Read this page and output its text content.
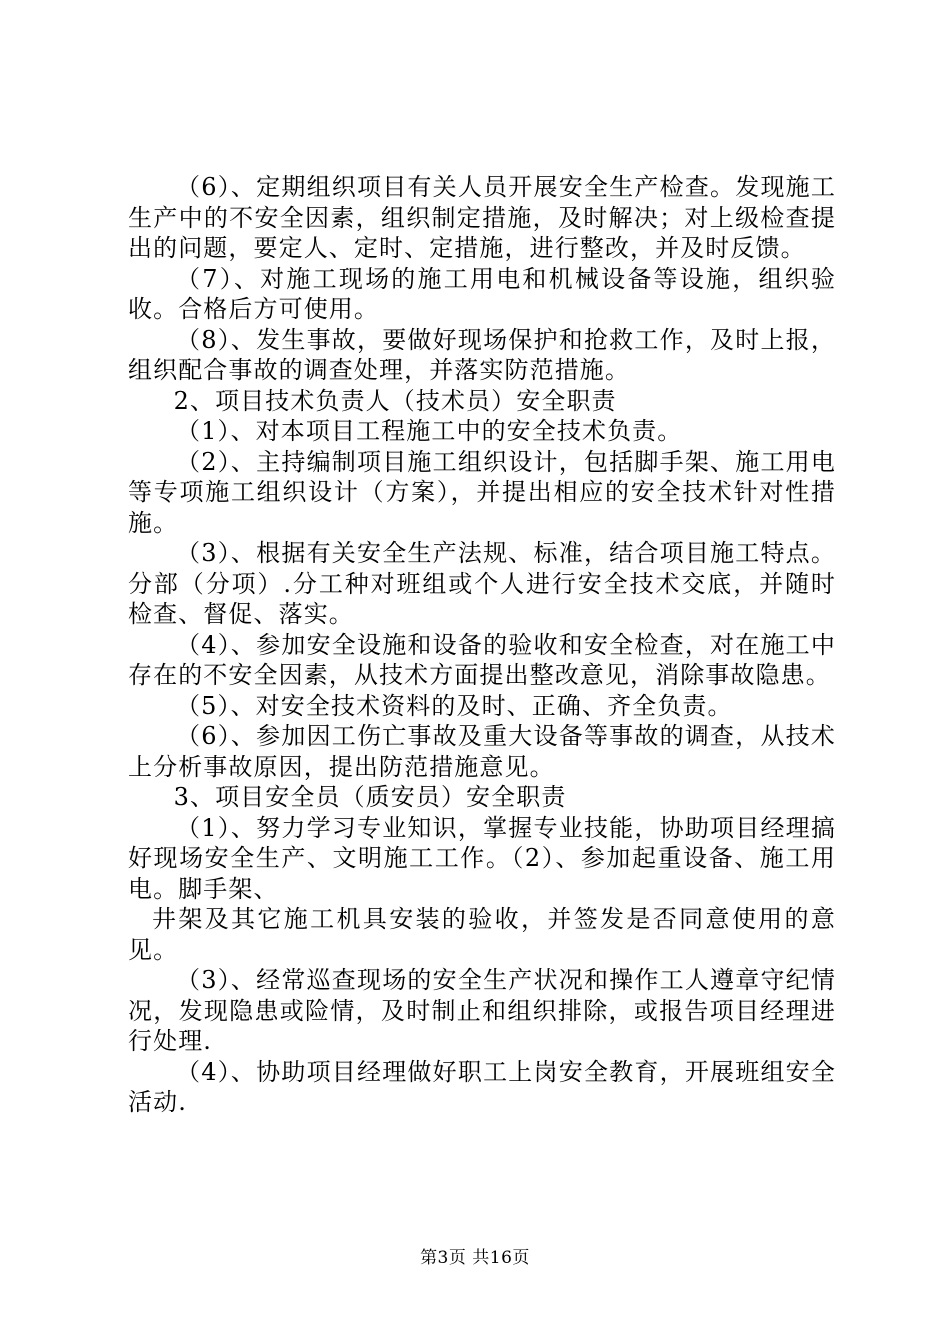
（6）、定期组织项目有关人员开展安全生产检查。发现施工生产中的不安全因素，组织制定措施，及时解决；对上级检查提出的问题，要定人、定时、定措施，进行整改，并及时反馈。

（7）、对施工现场的施工用电和机械设备等设施，组织验收。合格后方可使用。

（8）、发生事故，要做好现场保护和抢救工作，及时上报，组织配合事故的调查处理，并落实防范措施。

2、项目技术负责人（技术员）安全职责

（1）、对本项目工程施工中的安全技术负责。

（2）、主持编制项目施工组织设计，包括脚手架、施工用电等专项施工组织设计（方案），并提出相应的安全技术针对性措施。

（3）、根据有关安全生产法规、标准，结合项目施工特点。分部（分项）.分工种对班组或个人进行安全技术交底，并随时检查、督促、落实。

（4）、参加安全设施和设备的验收和安全检查，对在施工中存在的不安全因素，从技术方面提出整改意见，消除事故隐患。

（5）、对安全技术资料的及时、正确、齐全负责。

（6）、参加因工伤亡事故及重大设备等事故的调查，从技术上分析事故原因，提出防范措施意见。

3、项目安全员（质安员）安全职责

（1）、努力学习专业知识，掌握专业技能，协助项目经理搞好现场安全生产、文明施工工作。（2）、参加起重设备、施工用电。脚手架、

井架及其它施工机具安装的验收，并签发是否同意使用的意见。

（3）、经常巡查现场的安全生产状况和操作工人遵章守纪情况，发现隐患或险情，及时制止和组织排除，或报告项目经理进行处理.

（4）、协助项目经理做好职工上岗安全教育，开展班组安全活动.

第3页 共16页
